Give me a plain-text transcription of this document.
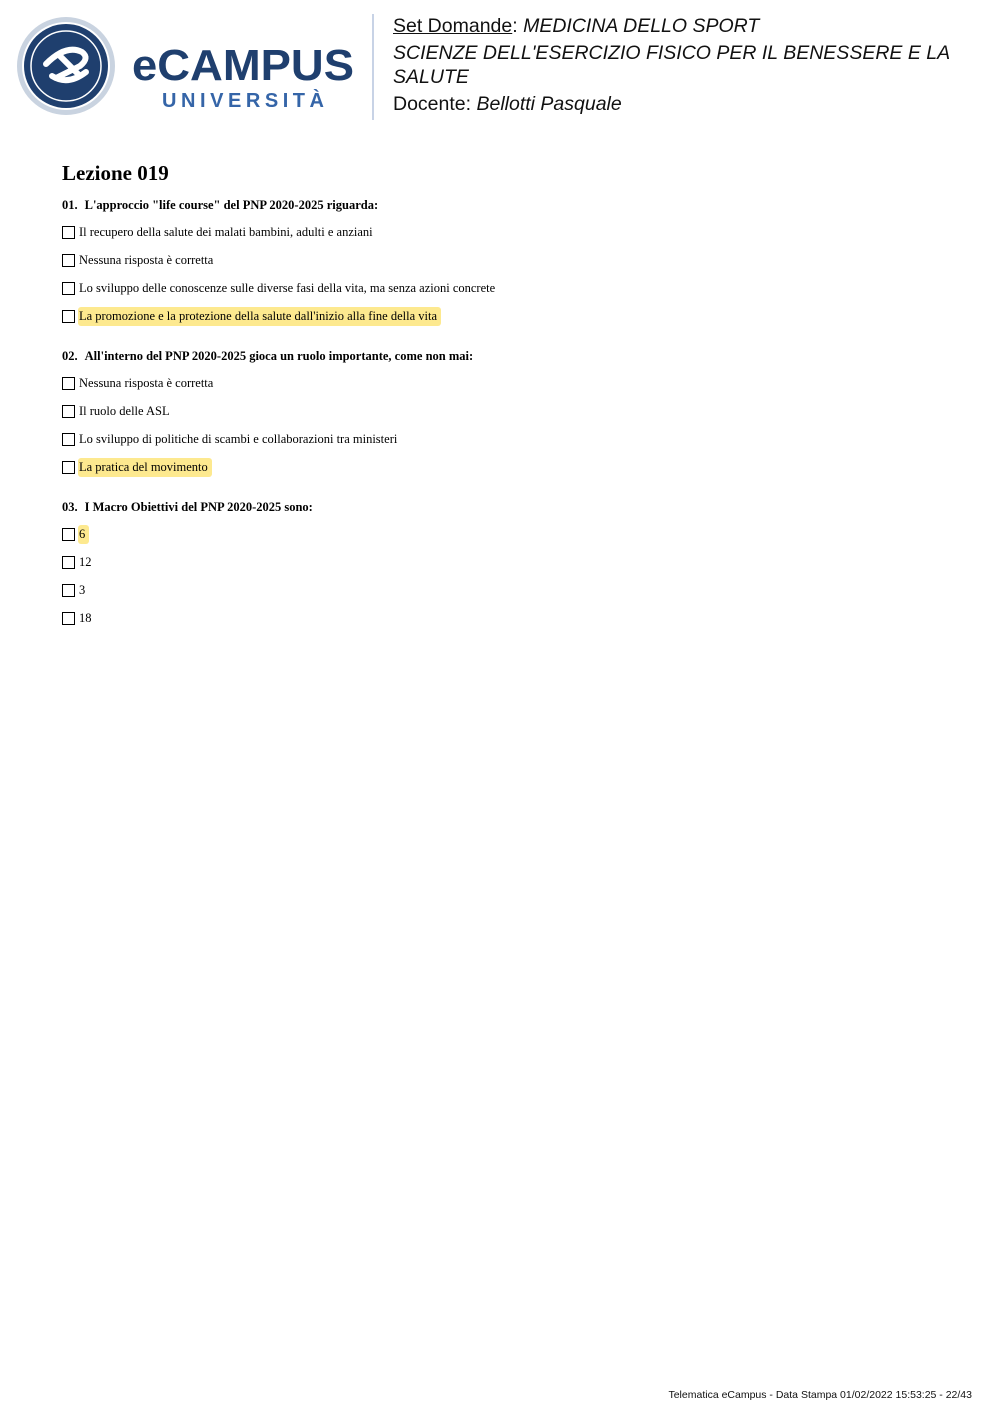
eCAMPUS
UNIVERSITÀ

Set Domande: MEDICINA DELLO SPORT

SCIENZE DELL'ESERCIZIO FISICO PER IL BENESSERE E LA

SALUTE

Docente: Bellotti Pasquale

Lezione 019

01. L'approccio "life course" del PNP 2020-2025 riguarda:

Il recupero della salute dei malati bambini, adulti e anziani
Nessuna risposta è corretta
Lo sviluppo delle conoscenze sulle diverse fasi della vita, ma senza azioni concrete
La promozione e la protezione della salute dall'inizio alla fine della vita

02. All'interno del PNP 2020-2025 gioca un ruolo importante, come non mai:

Nessuna risposta è corretta
Il ruolo delle ASL
Lo sviluppo di politiche di scambi e collaborazioni tra ministeri
La pratica del movimento

03. I Macro Obiettivi del PNP 2020-2025 sono:

6
12
3
18
Telematica eCampus - Data Stampa 01/02/2022 15:53:25 - 22/43
